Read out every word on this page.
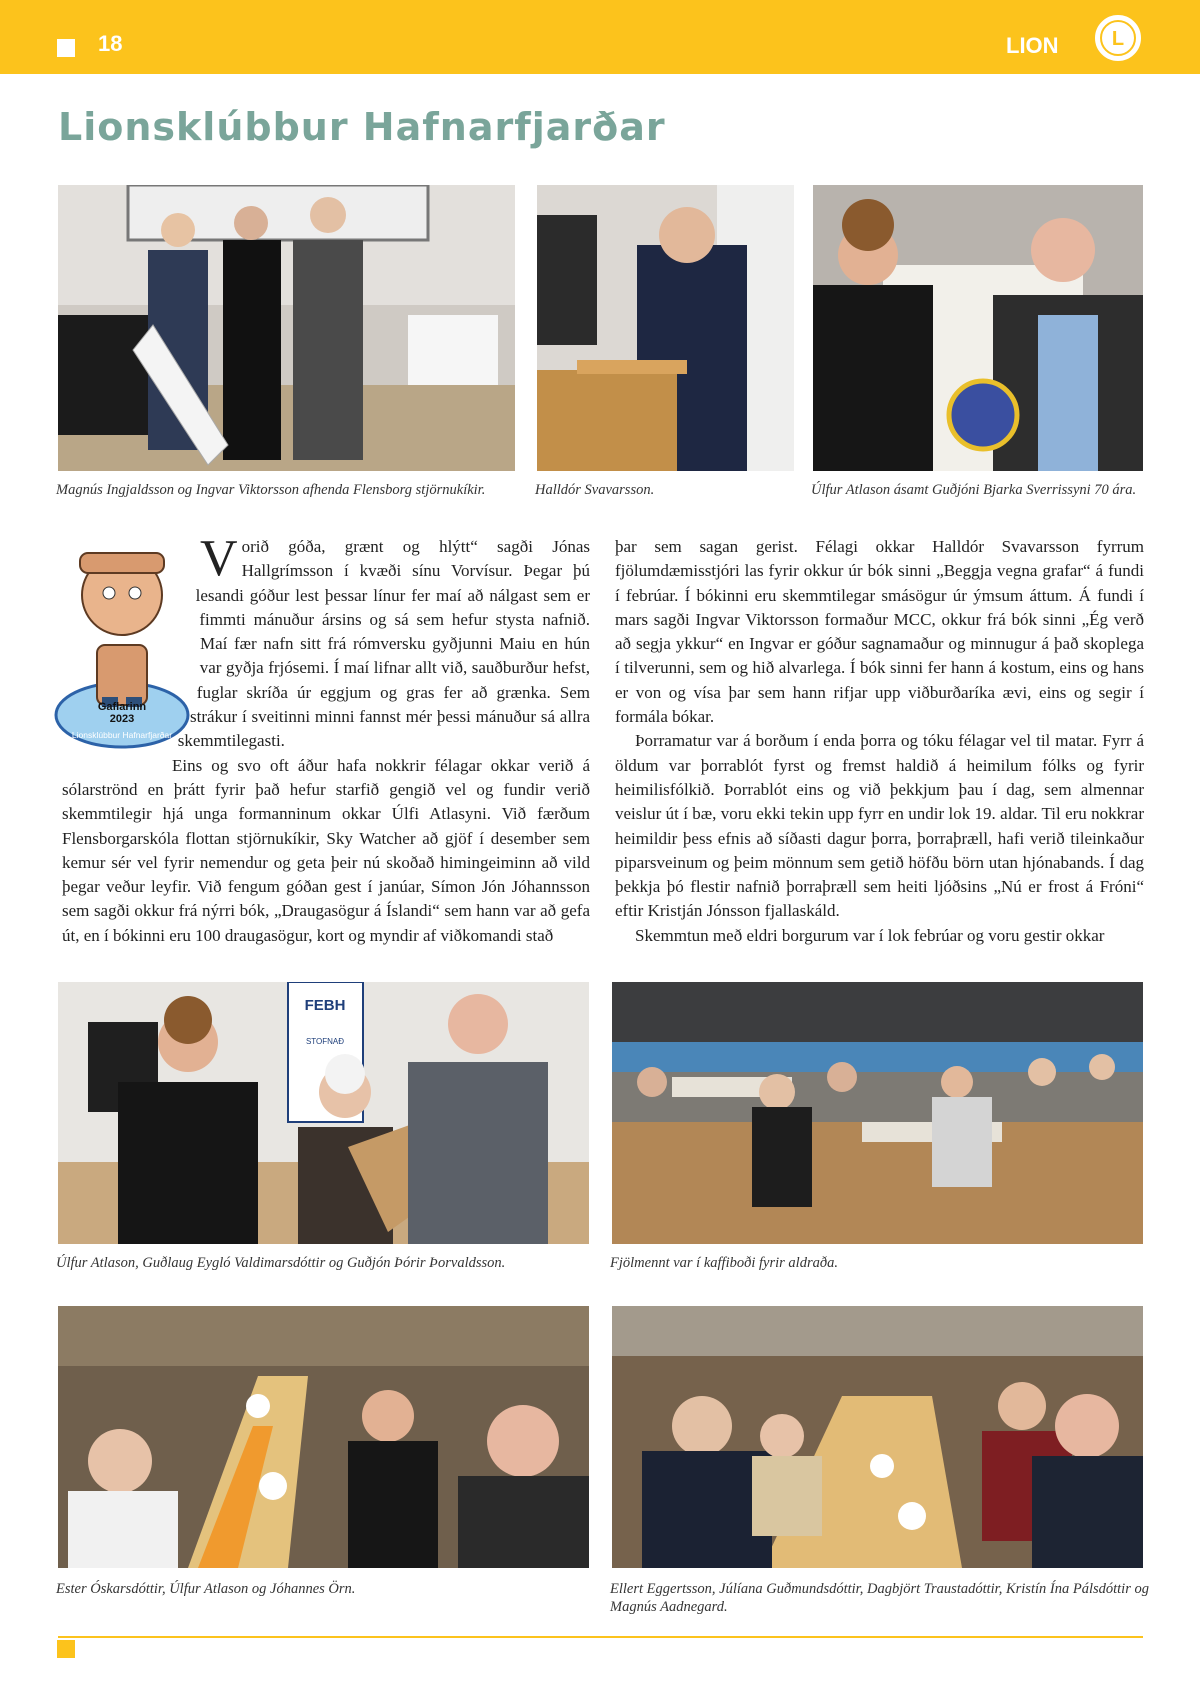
18	LION	L
Lionsklúbbur Hafnarfjarðar
Magnús Ingjaldsson og Ingvar Viktorsson afhenda Flensborg stjörnukíkir.	Halldór Svavarsson.	Úlfur Atlason ásamt Guðjóni Bjarka Sverrissyni 70 ára.
Gaflarinn
2023
Lionsklúbbur Hafnarfjarðar

Vorið góða, grænt og hlýtt“ sagði Jónas Hallgrímsson í kvæði sínu Vorvísur. Þegar þú lesandi góður lest þessar línur fer maí að nálgast sem er fimmti mánuður ársins og sá sem hefur stysta nafnið. Maí fær nafn sitt frá rómversku gyðjunni Maiu en hún var gyðja frjósemi. Í maí lifnar allt við, sauðburður hefst, fuglar skríða úr eggjum og gras fer að grænka. Sem strákur í sveitinni minni fannst mér þessi mánuður sá allra skemmtilegasti.

Eins og svo oft áður hafa nokkrir félagar okkar verið á sólarströnd en þrátt fyrir það hefur starfið gengið vel og fundir verið skemmtilegir hjá unga formanninum okkar Úlfi Atlasyni. Við færðum Flensborgarskóla flottan stjörnukíkir, Sky Watcher að gjöf í desember sem kemur sér vel fyrir nemendur og geta þeir nú skoðað himingeiminn að vild þegar veður leyfir. Við fengum góðan gest í janúar, Símon Jón Jóhannsson sem sagði okkur frá nýrri bók, „Draugasögur á Íslandi“ sem hann var að gefa út, en í bókinni eru 100 draugasögur, kort og myndir af viðkomandi stað

þar sem sagan gerist. Félagi okkar Halldór Svavarsson fyrrum fjölumdæmisstjóri las fyrir okkur úr bók sinni „Beggja vegna grafar“ á fundi í febrúar. Í bókinni eru skemmtilegar smásögur úr ýmsum áttum. Á fundi í mars sagði Ingvar Viktorsson formaður MCC, okkur frá bók sinni „Ég verð að segja ykkur“ en Ingvar er góður sagnamaður og minnugur á það skoplega í tilverunni, sem og hið alvarlega. Í bók sinni fer hann á kostum, eins og hans er von og vísa þar sem hann rifjar upp viðburðaríka ævi, eins og segir í formála bókar.

Þorramatur var á borðum í enda þorra og tóku félagar vel til matar. Fyrr á öldum var þorrablót fyrst og fremst haldið á heimilum fólks og fyrir heimilisfólkið. Þorrablót eins og við þekkjum þau í dag, sem almennar veislur út í bæ, voru ekki tekin upp fyrr en undir lok 19. aldar. Til eru nokkrar heimildir þess efnis að síðasti dagur þorra, þorraþræll, hafi verið tileinkaður piparsveinum og þeim mönnum sem getið höfðu börn utan hjónabands. Í dag þekkja þó flestir nafnið þorraþræll sem heiti ljóðsins „Nú er frost á Fróni“ eftir Kristján Jónsson fjallaskáld.

Skemmtun með eldri borgurum var í lok febrúar og voru gestir okkar

FEBH
STOFNAÐ
Úlfur Atlason, Guðlaug Eygló Valdimarsdóttir og Guðjón Þórir Þorvaldsson.	Fjölmennt var í kaffiboði fyrir aldraða.
Ester Óskarsdóttir, Úlfur Atlason og Jóhannes Örn.	Ellert Eggertsson, Júlíana Guðmundsdóttir, Dagbjört Traustadóttir, Kristín Ína Pálsdóttir og Magnús Aadnegard.
